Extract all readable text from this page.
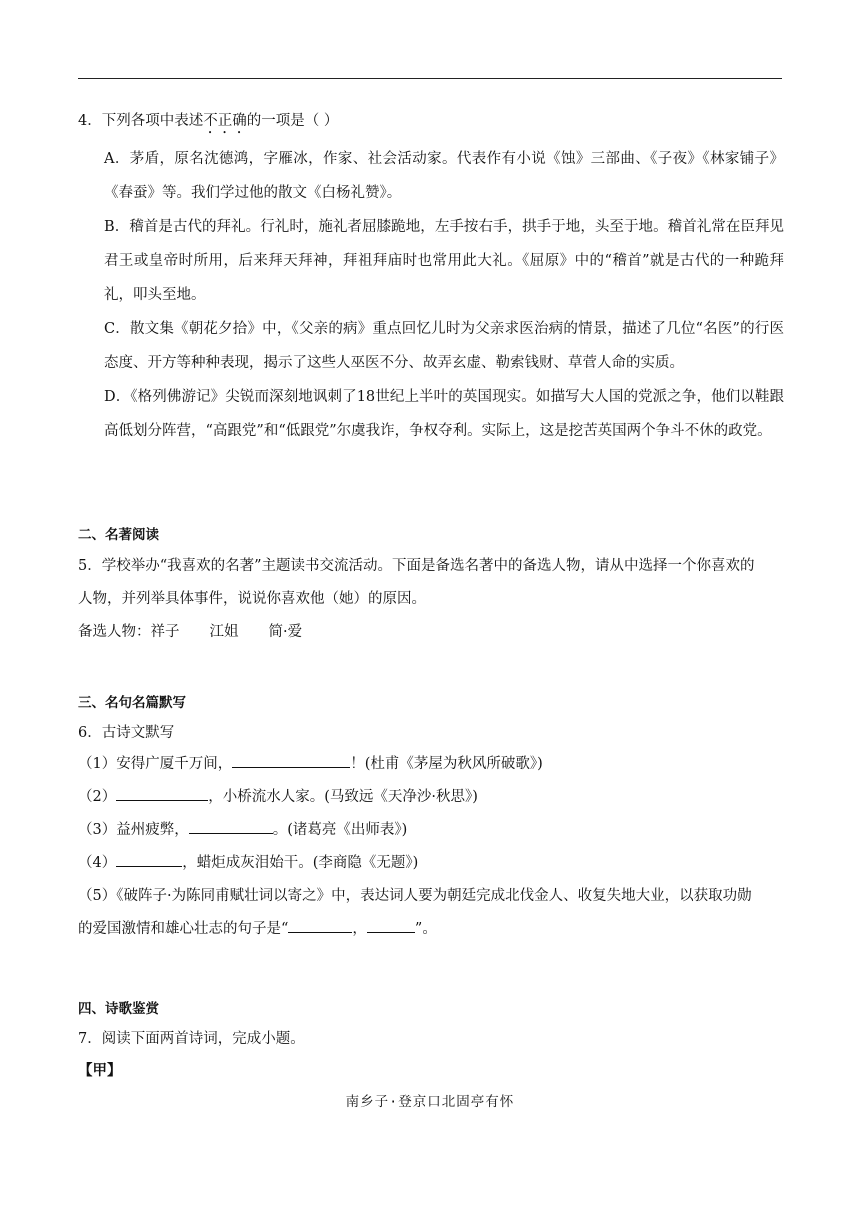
4．下列各项中表述不正确的一项是（ ）
A．茅盾，原名沈德鸿，字雁冰，作家、社会活动家。代表作有小说《蚀》三部曲、《子夜》《林家铺子》《春蚕》等。我们学过他的散文《白杨礼赞》。
B．稽首是古代的拜礼。行礼时，施礼者屈膝跪地，左手按右手，拱手于地，头至于地。稽首礼常在臣拜见君王或皇帝时所用，后来拜天拜神，拜祖拜庙时也常用此大礼。《屈原》中的“稽首”就是古代的一种跪拜礼，叩头至地。
C．散文集《朝花夕拾》中，《父亲的病》重点回忆儿时为父亲求医治病的情景，描述了几位“名医”的行医态度、开方等种种表现，揭示了这些人巫医不分、故弄玄虚、勒索钱财、草菅人命的实质。
D．《格列佛游记》尖锐而深刻地讽刺了18世纪上半叶的英国现实。如描写大人国的党派之争，他们以鞋跟高低划分阵营，“高跟党”和“低跟党”尔虞我诈，争权夺利。实际上，这是挖苦英国两个争斗不休的政党。
二、名著阅读
5．学校举办“我喜欢的名著”主题读书交流活动。下面是备选名著中的备选人物，请从中选择一个你喜欢的
人物，并列举具体事件，说说你喜欢他（她）的原因。
备选人物：祥子 江姐 简·爱
三、名句名篇默写
6．古诗文默写
（1）安得广厦千万间，	！(杜甫《茅屋为秋风所破歌》)
（2）	，小桥流水人家。(马致远《天净沙·秋思》)
（3）益州疲弊，	。(诸葛亮《出师表》)
（4）	，蜡炬成灰泪始干。(李商隐《无题》)
（5）《破阵子·为陈同甫赋壮词以寄之》中，表达词人要为朝廷完成北伐金人、收复失地大业，以获取功勋
的爱国激情和雄心壮志的句子是“	，	”。
四、诗歌鉴赏
7．阅读下面两首诗词，完成小题。
【甲】
南乡子·登京口北固亭有怀
